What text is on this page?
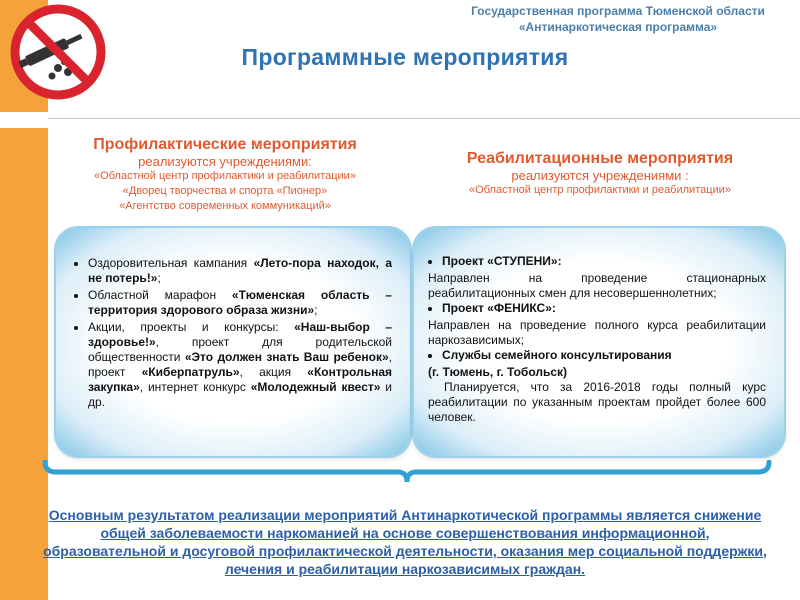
Государственная программа Тюменской области
«Антинаркотическая программа»
Программные мероприятия
Профилактические мероприятия
реализуются учреждениями:
«Областной центр профилактики и реабилитации»
«Дворец творчества и спорта «Пионер»
«Агентство современных коммуникаций»
Реабилитационные мероприятия
реализуются учреждениями :
«Областной центр профилактики и реабилитации»
• Оздоровительная кампания «Лето-пора находок, а не потерь!»;
• Областной марафон «Тюменская область – территория здорового образа жизни»;
• Акции, проекты и конкурсы: «Наш-выбор – здоровье!», проект для родительской общественности «Это должен знать Ваш ребенок», проект «Киберпатруль», акция «Контрольная закупка», интернет конкурс «Молодежный квест» и др.
• Проект «СТУПЕНИ»:

Направлен на проведение стационарных реабилитационных смен для несовершеннолетних;

• Проект «ФЕНИКС»:

Направлен на проведение полного курса реабилитации наркозависимых;

• Службы семейного консультирования

(г. Тюмень, г. Тобольск)

Планируется, что за 2016-2018 годы полный курс реабилитации по указанным проектам пройдет более 600 человек.

Основным результатом реализации мероприятий Антинаркотической программы является снижение общей заболеваемости наркоманией на основе совершенствования информационной, образовательной и досуговой профилактической деятельности, оказания мер социальной поддержки, лечения и реабилитации наркозависимых граждан.
